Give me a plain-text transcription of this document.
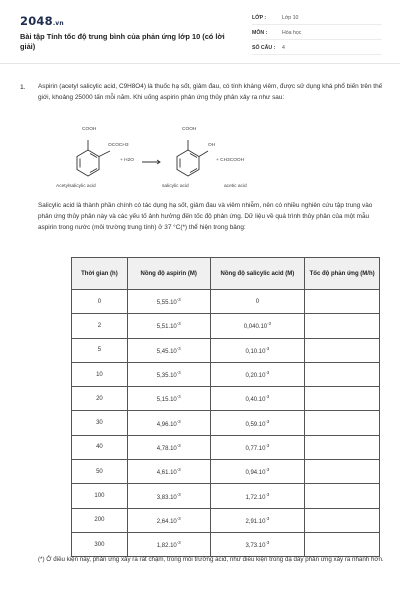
2048.vn
Bài tập Tính tốc độ trung bình của phản ứng lớp 10 (có lời giải)
LỚP :	Lớp 10
MÔN :	Hóa học
SỐ CÂU :	4
1. Aspirin (acetyl salicylic acid, C9H8O4) là thuốc hạ sốt, giảm đau, có tính kháng viêm, được sử dụng khá phổ biến trên thế giới, khoảng 25000 tấn mỗi năm. Khi uống aspirin phản ứng thủy phân xảy ra như sau:
COOH
OCOCH3
Acetylsalicylic acid
+ H2O
COOH
OH
salicylic acid
+ CH3COOH
acetic acid
Salicylic acid là thành phần chính có tác dụng hạ sốt, giảm đau và viêm nhiễm, nên có nhiều nghiên cứu tập trung vào phản ứng thủy phân này và các yếu tố ảnh hưởng đến tốc độ phản ứng. Dữ liệu về quá trình thủy phân của một mẫu aspirin trong nước (môi trường trung tính) ở 37 °C(*) thể hiện trong bảng:
Thời gian (h)	Nồng độ aspirin (M)	Nồng độ salicylic acid (M)	Tốc độ phản ứng (M/h)
0	$5,55.10^{-3}$	0	
2	$5,51.10^{-3}$	$0,040.10^{-3}$	
5	$5,45.10^{-3}$	$0,10.10^{-3}$	
10	$5,35.10^{-3}$	$0,20.10^{-3}$	
20	$5,15.10^{-3}$	$0,40.10^{-3}$	
30	$4,96.10^{-3}$	$0,59.10^{-3}$	
40	$4,78.10^{-3}$	$0,77.10^{-3}$	
50	$4,61.10^{-3}$	$0,94.10^{-3}$	
100	$3,83.10^{-3}$	$1,72.10^{-3}$	
200	$2,64.10^{-3}$	$2,91.10^{-3}$	
300	$1,82.10^{-3}$	$3,73.10^{-3}$	
(*) Ở điều kiện này, phản ứng xảy ra rất chậm, trong môi trường acid, như điều kiện trong dạ dày phản ứng xảy ra nhanh hơn.
